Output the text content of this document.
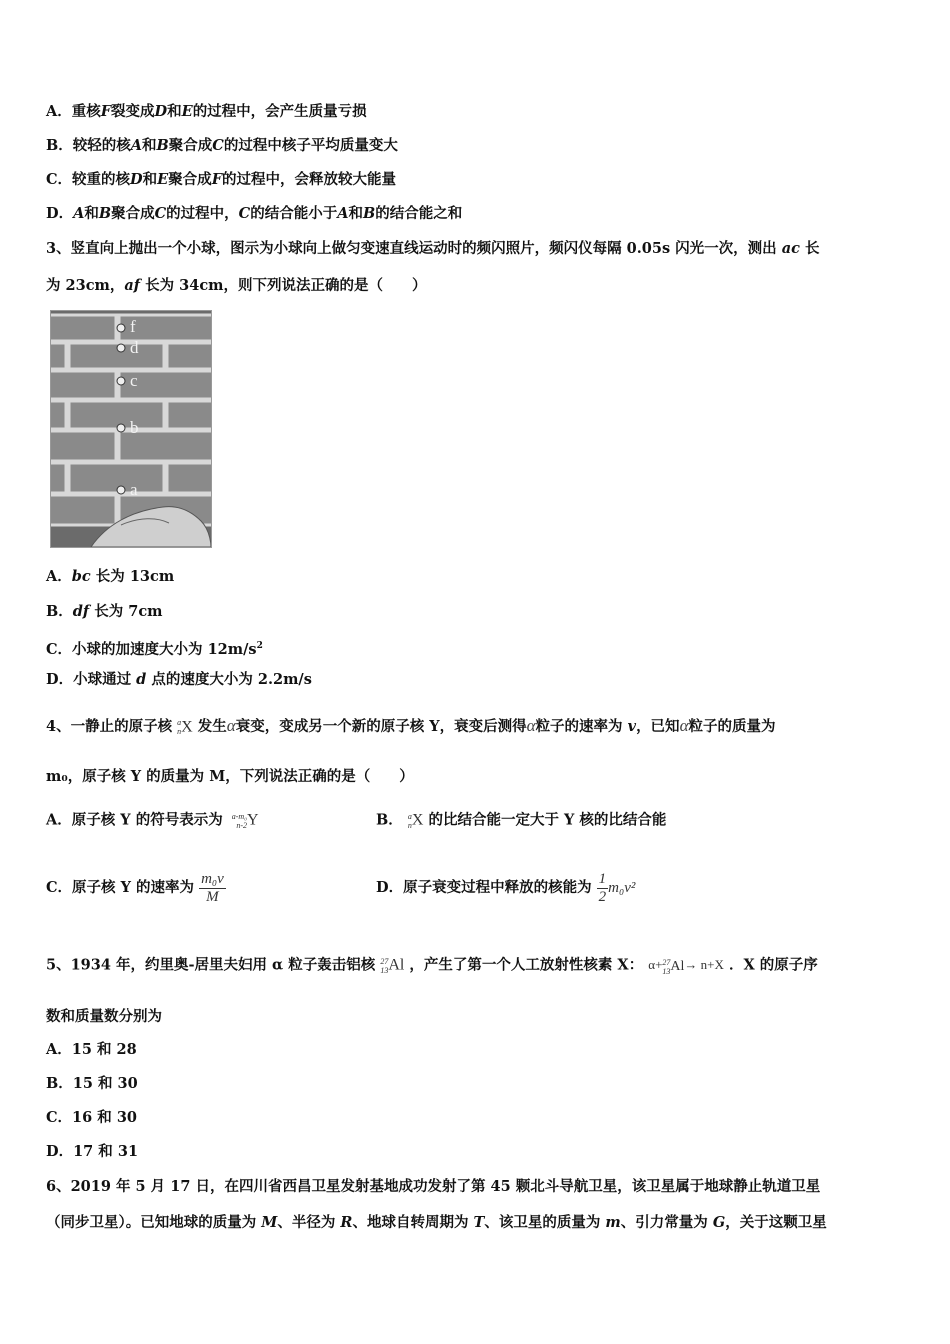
A．重核F裂变成D和E的过程中，会产生质量亏损
B．较轻的核A和B聚合成C的过程中核子平均质量变大
C．较重的核D和E聚合成F的过程中，会释放较大能量
D．A和B聚合成C的过程中，C的结合能小于A和B的结合能之和
3、竖直向上抛出一个小球，图示为小球向上做匀变速直线运动时的频闪照片，频闪仪每隔 0.05s 闪光一次，测出 ac 长
为 23cm，af 长为 34cm，则下列说法正确的是（　　）
f
d
c
b
a
A．bc 长为 13cm
B．df 长为 7cm
C．小球的加速度大小为 $12m/s^2$
D．小球通过 d 点的速度大小为 2.2m/s
4、一静止的原子核 a
n X 发生α衰变，变成另一个新的原子核 Y，衰变后测得α粒子的速率为 v，已知α粒子的质量为
m₀，原子核 Y 的质量为 M，下列说法正确的是（　　）
A．原子核 Y 的符号表示为 a-m₀
n-2 Y	B． a
n X 的比结合能一定大于 Y 核的比结合能
C．原子核 Y 的速率为 $\frac{\text{m₀v}}{M}$	D．原子衰变过程中释放的核能为 $\frac{1}{2} m_0v^2$
5、1934 年，约里奥-居里夫妇用 α 粒子轰击铝核 27
13 Al ，产生了第一个人工放射性核素 X： α+ 27
13 Al→ n+X ．X 的原子序
数和质量数分别为
A．15 和 28
B．15 和 30
C．16 和 30
D．17 和 31
6、2019 年 5 月 17 日，在四川省西昌卫星发射基地成功发射了第 45 颗北斗导航卫星，该卫星属于地球静止轨道卫星
（同步卫星）。已知地球的质量为 M、半径为 R、地球自转周期为 T、该卫星的质量为 m、引力常量为 G，关于这颗卫星
